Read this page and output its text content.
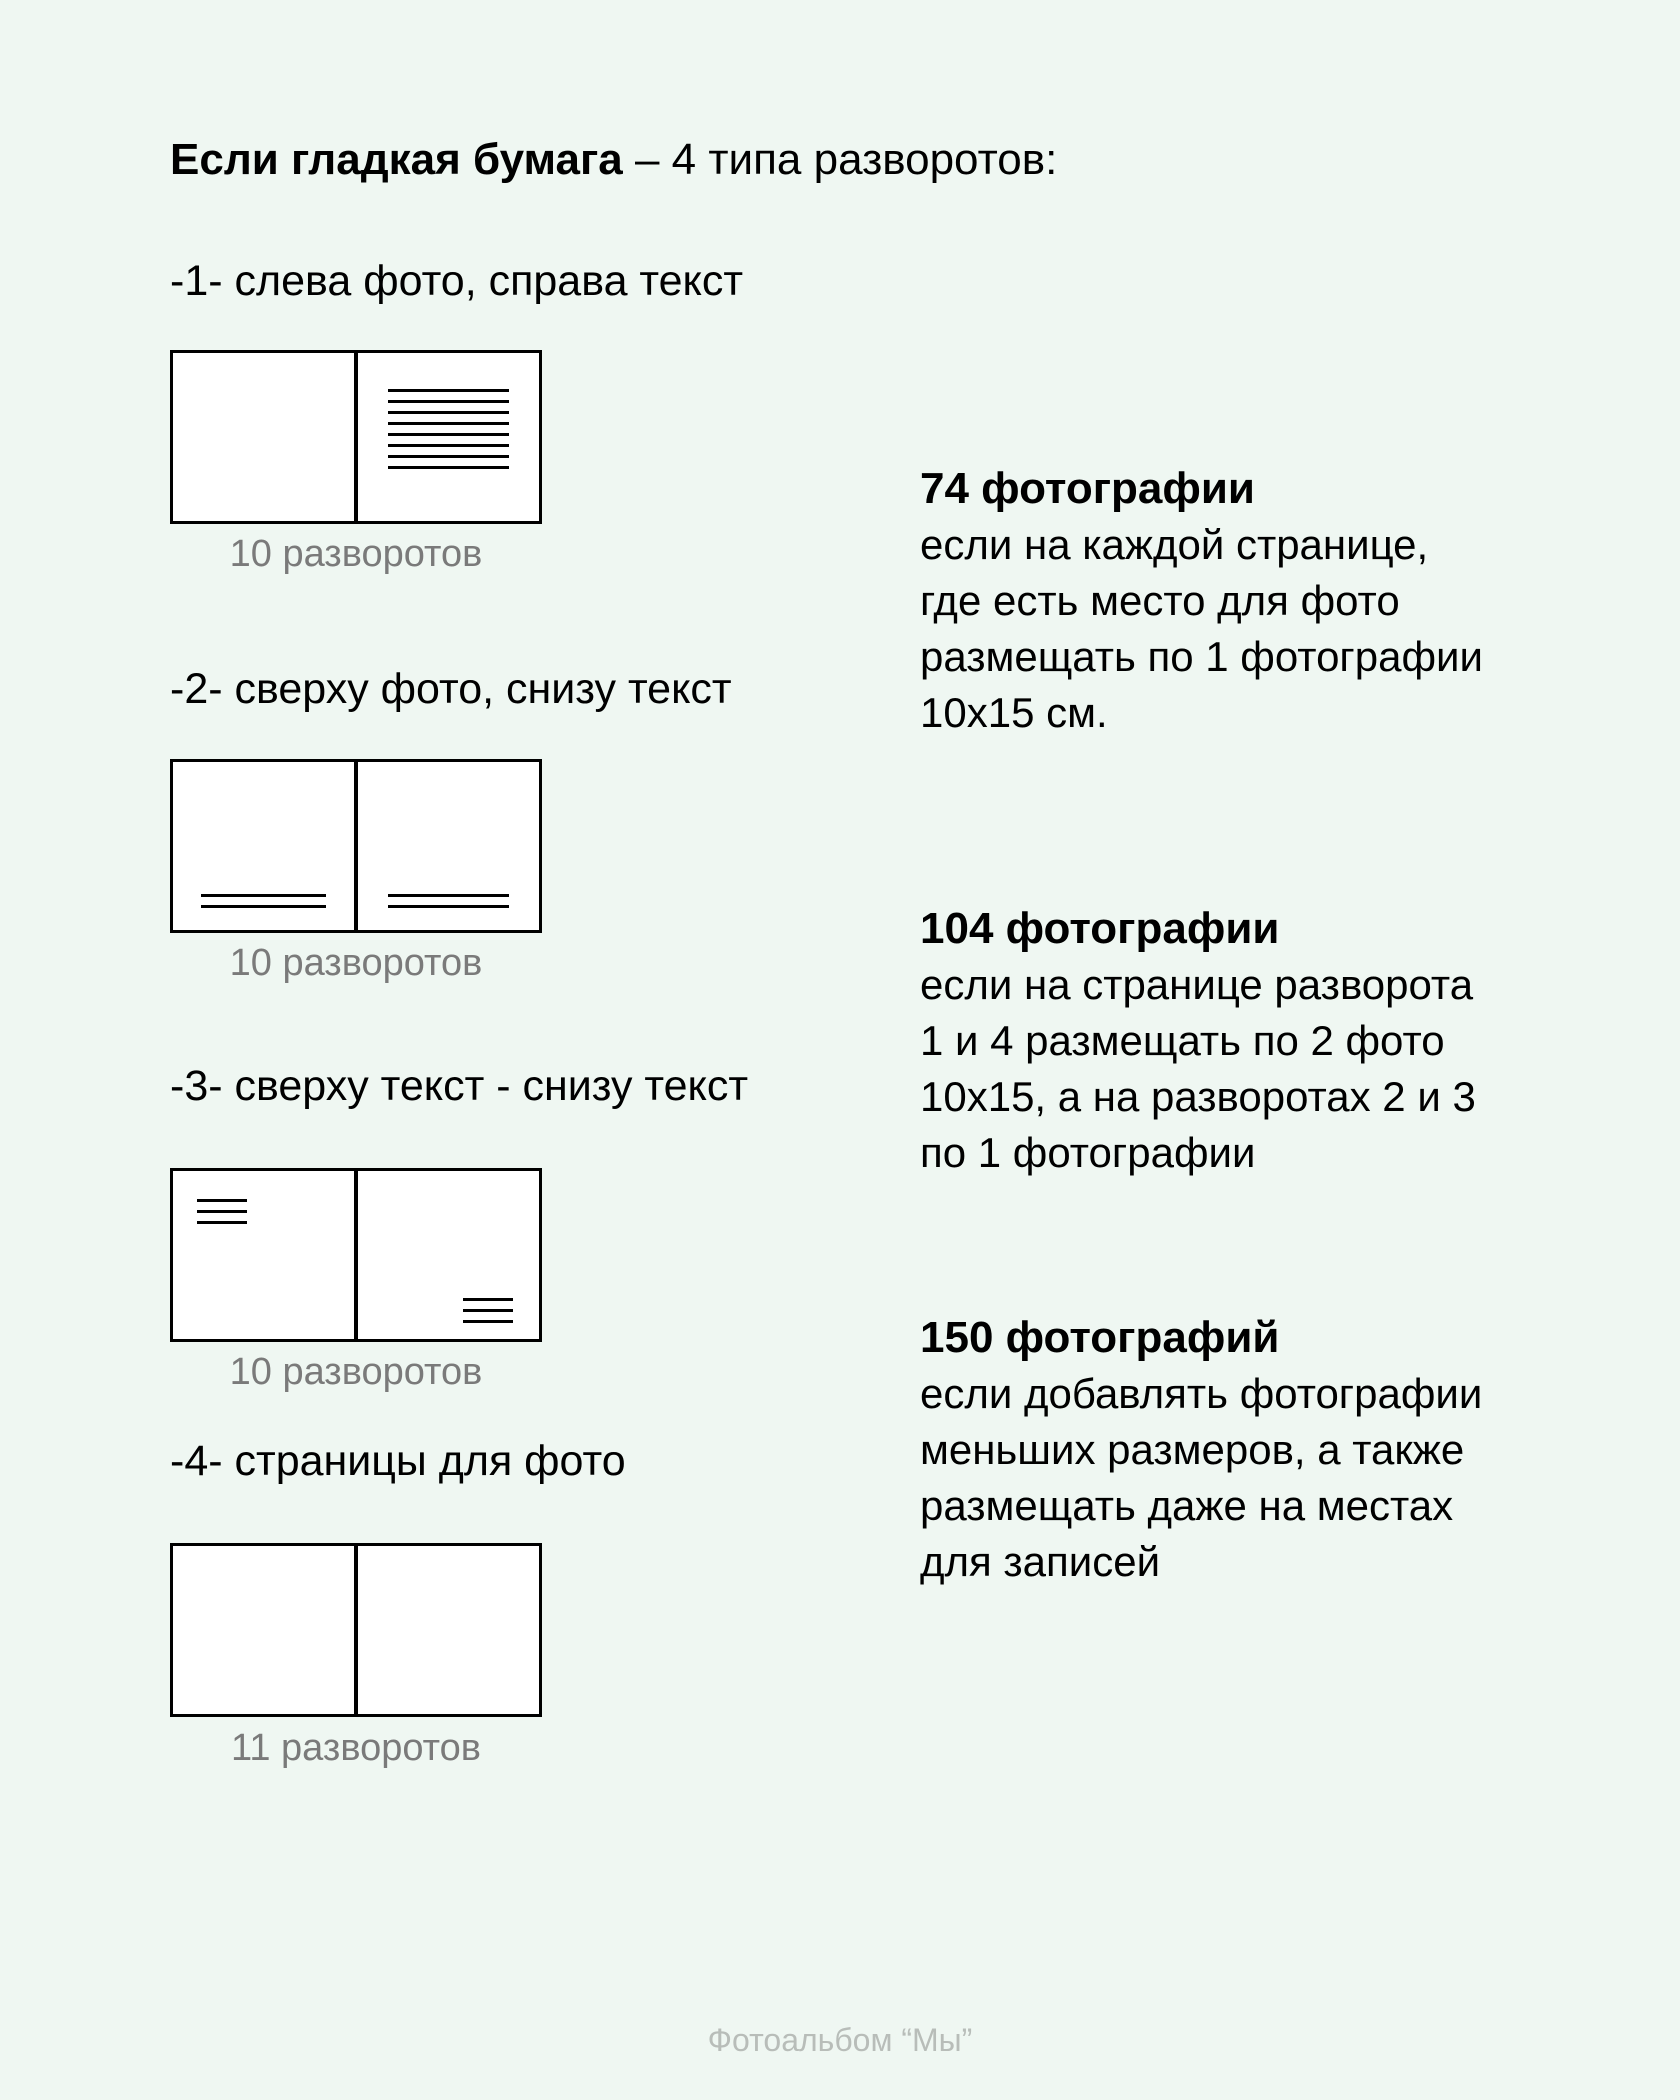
Если гладкая бумага – 4 типа разворотов:
-1- слева фото, справа текст
10 разворотов
-2- сверху фото, снизу текст
10 разворотов
-3- сверху текст - снизу текст
10 разворотов
-4- страницы для фото
11 разворотов
74 фотографии
если на каждой странице,
где есть место для фото
размещать по 1 фотографии
10х15 см.
104 фотографии
если на странице разворота
1 и 4 размещать по 2 фото
10х15, а на разворотах 2 и 3
по 1 фотографии
150 фотографий
если добавлять фотографии
меньших размеров, а также
размещать даже на местах
для записей
Фотоальбом “Мы”
